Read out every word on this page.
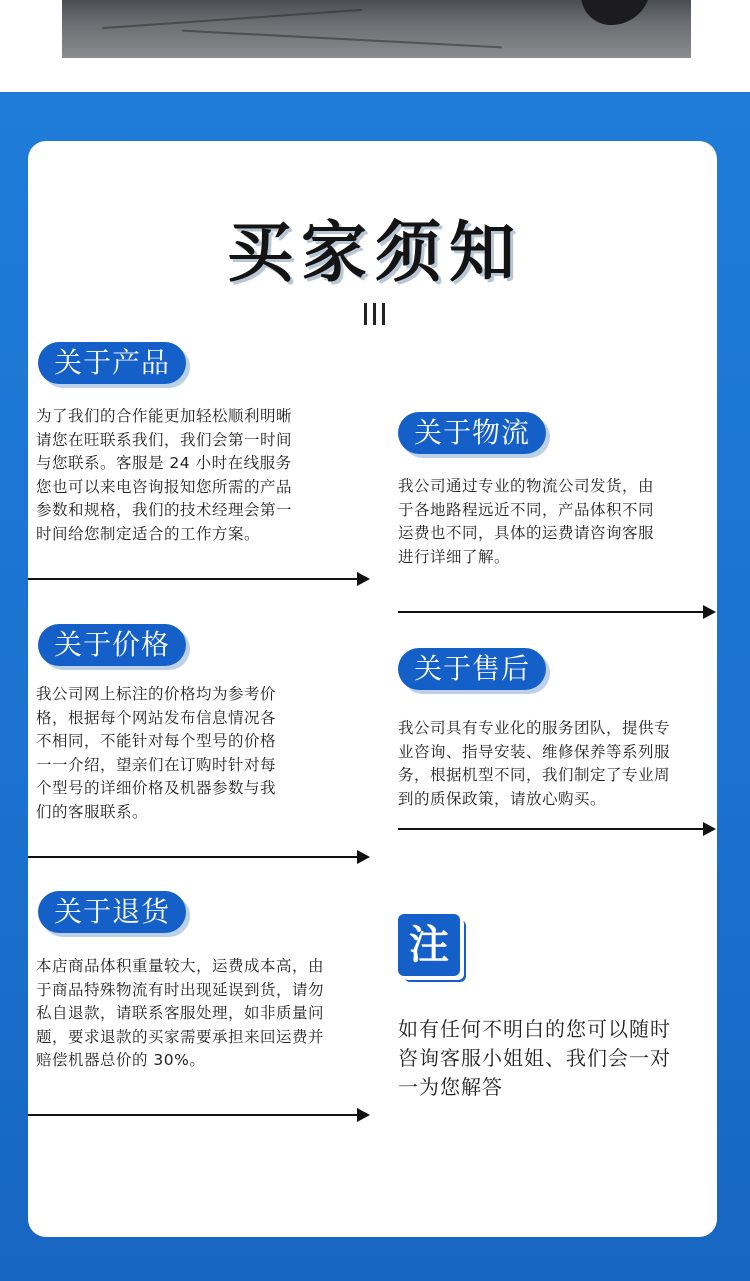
买家须知
关于产品
为了我们的合作能更加轻松顺利明晰
请您在旺联系我们，我们会第一时间
与您联系。客服是 24 小时在线服务
您也可以来电咨询报知您所需的产品
参数和规格，我们的技术经理会第一
时间给您制定适合的工作方案。
关于物流
我公司通过专业的物流公司发货，由
于各地路程远近不同，产品体积不同
运费也不同，具体的运费请咨询客服
进行详细了解。
关于价格
我公司网上标注的价格均为参考价
格，根据每个网站发布信息情况各
不相同，不能针对每个型号的价格
一一介绍，望亲们在订购时针对每
个型号的详细价格及机器参数与我
们的客服联系。
关于售后
我公司具有专业化的服务团队，提供专
业咨询、指导安装、维修保养等系列服
务，根据机型不同，我们制定了专业周
到的质保政策，请放心购买。
关于退货
本店商品体积重量较大，运费成本高，由
于商品特殊物流有时出现延误到货，请勿
私自退款，请联系客服处理，如非质量问
题，要求退款的买家需要承担来回运费并
赔偿机器总价的 30%。
注
如有任何不明白的您可以随时
咨询客服小姐姐、我们会一对
一为您解答
